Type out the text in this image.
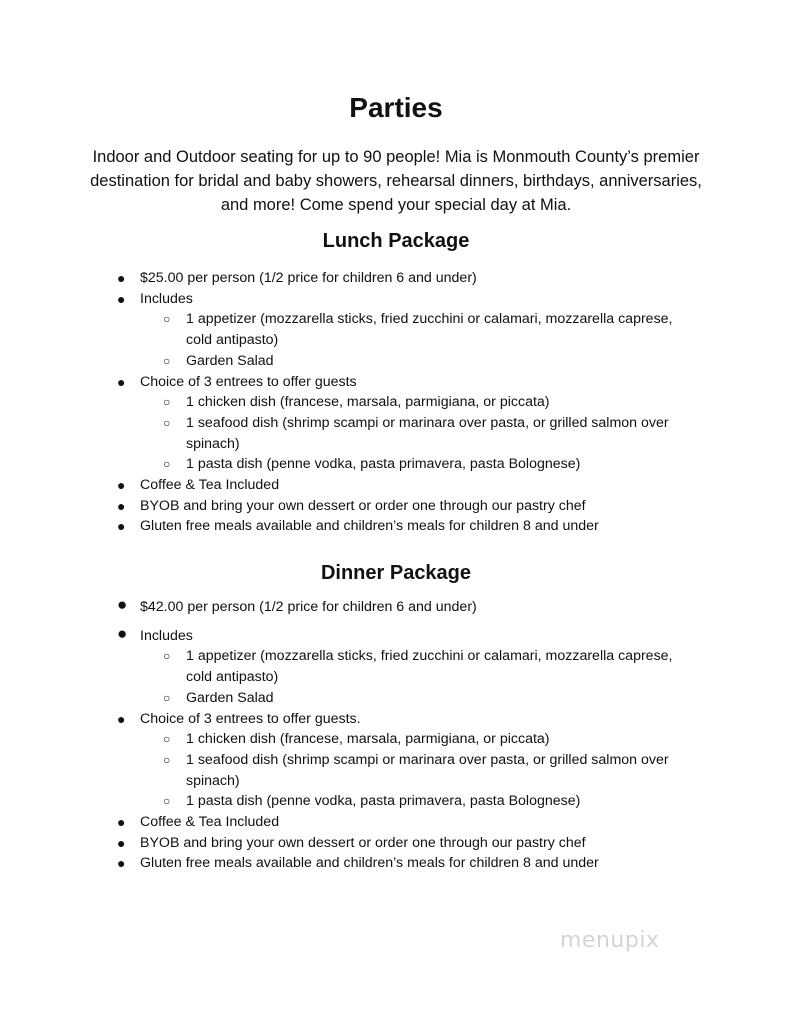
Parties

Indoor and Outdoor seating for up to 90 people! Mia is Monmouth County’s premier destination for bridal and baby showers, rehearsal dinners, birthdays, anniversaries, and more! Come spend your special day at Mia.

Lunch Package
● $25.00 per person (1/2 price for children 6 and under)
● Includes
○ 1 appetizer (mozzarella sticks, fried zucchini or calamari, mozzarella caprese, cold antipasto)
○ Garden Salad
● Choice of 3 entrees to offer guests
○ 1 chicken dish (francese, marsala, parmigiana, or piccata)
○ 1 seafood dish (shrimp scampi or marinara over pasta, or grilled salmon over spinach)
○ 1 pasta dish (penne vodka, pasta primavera, pasta Bolognese)
● Coffee & Tea Included
● BYOB and bring your own dessert or order one through our pastry chef
● Gluten free meals available and children’s meals for children 8 and under
Dinner Package
● $42.00 per person (1/2 price for children 6 and under)
● Includes
○ 1 appetizer (mozzarella sticks, fried zucchini or calamari, mozzarella caprese, cold antipasto)
○ Garden Salad
● Choice of 3 entrees to offer guests.
○ 1 chicken dish (francese, marsala, parmigiana, or piccata)
○ 1 seafood dish (shrimp scampi or marinara over pasta, or grilled salmon over spinach)
○ 1 pasta dish (penne vodka, pasta primavera, pasta Bolognese)
● Coffee & Tea Included
● BYOB and bring your own dessert or order one through our pastry chef
● Gluten free meals available and children’s meals for children 8 and under
menupix
